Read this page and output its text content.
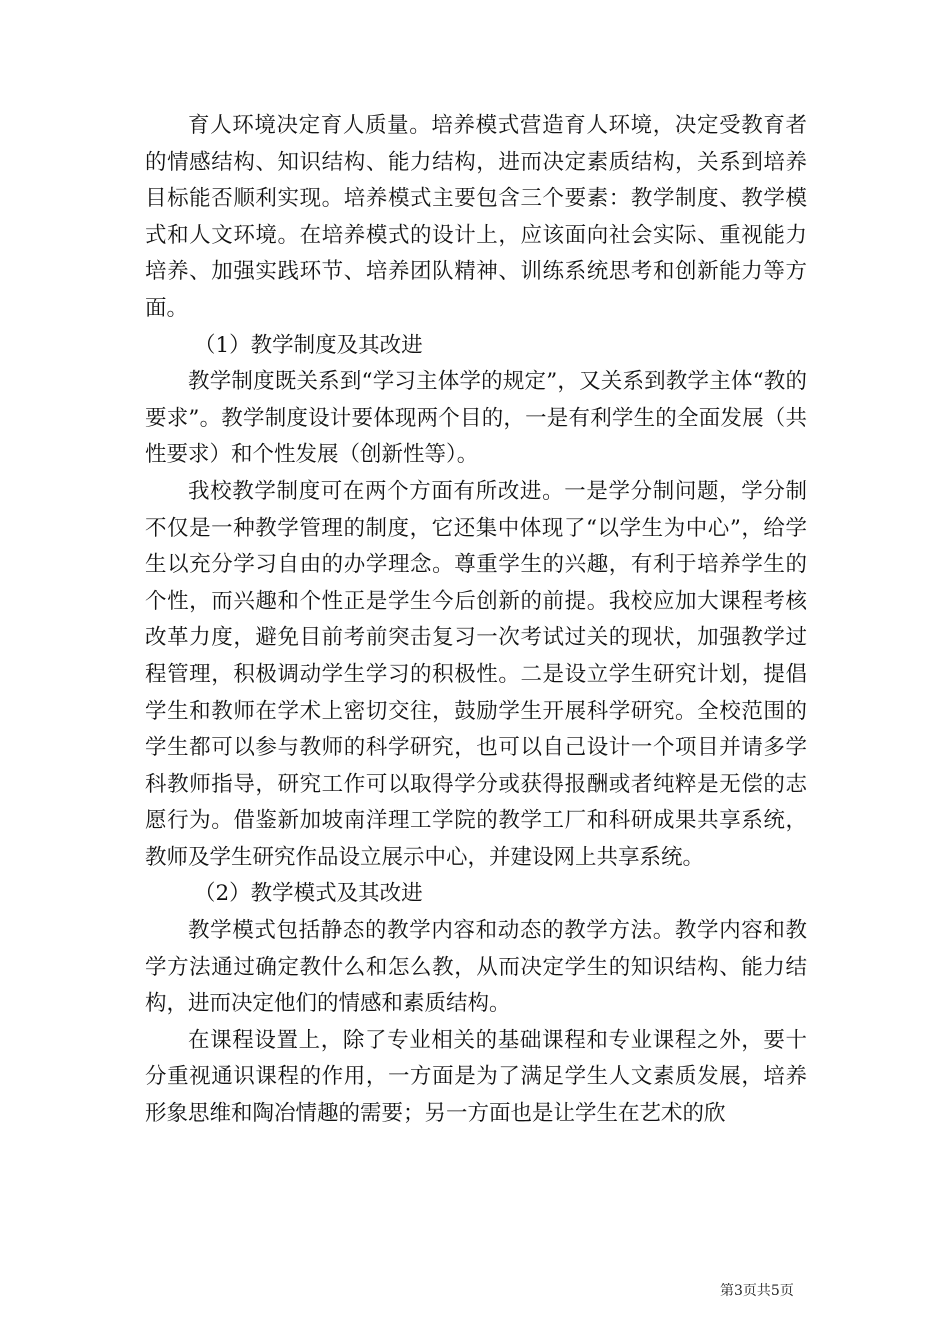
育人环境决定育人质量。培养模式营造育人环境，决定受教育者的情感结构、知识结构、能力结构，进而决定素质结构，关系到培养目标能否顺利实现。培养模式主要包含三个要素：教学制度、教学模式和人文环境。在培养模式的设计上，应该面向社会实际、重视能力培养、加强实践环节、培养团队精神、训练系统思考和创新能力等方面。

（1）教学制度及其改进

教学制度既关系到“学习主体学的规定”，又关系到教学主体“教的要求”。教学制度设计要体现两个目的，一是有利学生的全面发展（共性要求）和个性发展（创新性等）。

我校教学制度可在两个方面有所改进。一是学分制问题，学分制不仅是一种教学管理的制度，它还集中体现了“以学生为中心”，给学生以充分学习自由的办学理念。尊重学生的兴趣，有利于培养学生的个性，而兴趣和个性正是学生今后创新的前提。我校应加大课程考核改革力度，避免目前考前突击复习一次考试过关的现状，加强教学过程管理，积极调动学生学习的积极性。二是设立学生研究计划，提倡学生和教师在学术上密切交往，鼓励学生开展科学研究。全校范围的学生都可以参与教师的科学研究，也可以自己设计一个项目并请多学科教师指导，研究工作可以取得学分或获得报酬或者纯粹是无偿的志愿行为。借鉴新加坡南洋理工学院的教学工厂和科研成果共享系统，教师及学生研究作品设立展示中心，并建设网上共享系统。

（2）教学模式及其改进

教学模式包括静态的教学内容和动态的教学方法。教学内容和教学方法通过确定教什么和怎么教，从而决定学生的知识结构、能力结构，进而决定他们的情感和素质结构。

在课程设置上，除了专业相关的基础课程和专业课程之外，要十分重视通识课程的作用，一方面是为了满足学生人文素质发展，培养形象思维和陶冶情趣的需要；另一方面也是让学生在艺术的欣

第3页共5页
